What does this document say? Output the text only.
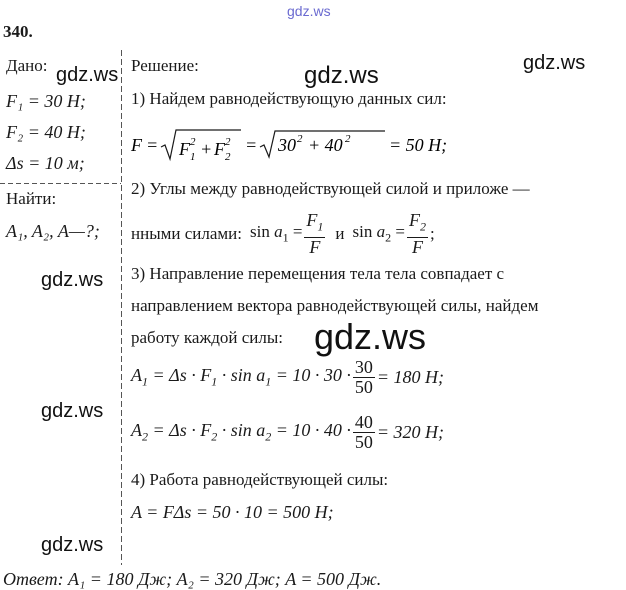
gdz.ws
gdz.ws	gdz.ws	gdz.ws
gdz.ws
gdz.ws
gdz.ws
gdz.ws
340.
Дано:
F₁ = 30 Н;
F₂ = 40 Н;
Δs = 10 м;
Найти:
A₁, A₂, A—?;
Решение:
1) Найдем равнодействующую данных сил:
F = F 1
2 + F 2
2 = 30 2 + 40 2 = 50 Н;
2) Углы между равнодействующей силой и приложе —
нными силами: $\sin a_1 = \frac{F_1}{F}$ и $\sin a_2 = \frac{F_2}{F}$ ;
3) Направление перемещения тела тела совпадает с
направлением вектора равнодействующей силы, найдем
работу каждой силы:
$A_1 = \Delta s \cdot F_1 \cdot \sin a_1 = 10 \cdot 30 \cdot \frac{30}{50} = 180$ Н;
$A_2 = \Delta s \cdot F_2 \cdot \sin a_2 = 10 \cdot 40 \cdot \frac{40}{50} = 320$ Н;
4) Работа равнодействующей силы:
A = FΔs = 50 · 10 = 500 Н;
Ответ: A₁ = 180 Дж; A₂ = 320 Дж; A = 500 Дж.
